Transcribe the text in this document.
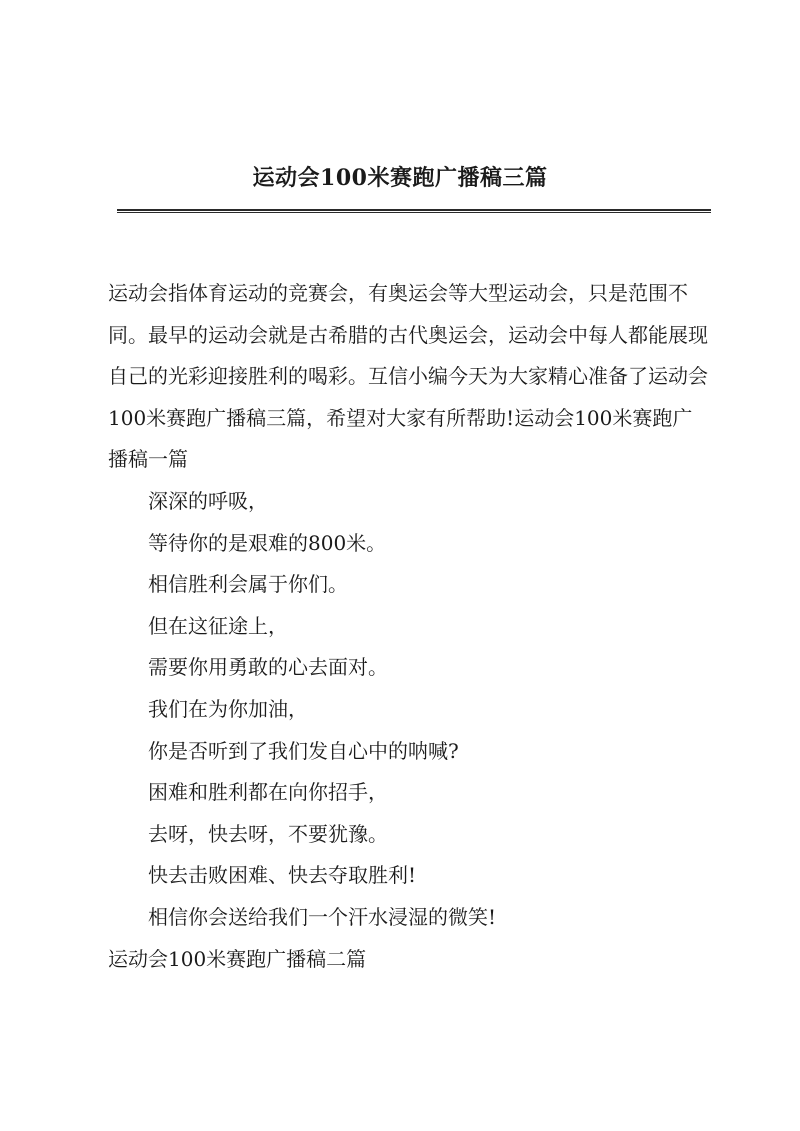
运动会100米赛跑广播稿三篇

运动会指体育运动的竞赛会，有奥运会等大型运动会，只是范围不同。最早的运动会就是古希腊的古代奥运会，运动会中每人都能展现自己的光彩迎接胜利的喝彩。互信小编今天为大家精心准备了运动会100米赛跑广播稿三篇，希望对大家有所帮助!运动会100米赛跑广播稿一篇

深深的呼吸，
等待你的是艰难的800米。
相信胜利会属于你们。
但在这征途上，
需要你用勇敢的心去面对。
我们在为你加油，
你是否听到了我们发自心中的呐喊?
困难和胜利都在向你招手，
去呀，快去呀，不要犹豫。
快去击败困难、快去夺取胜利!
相信你会送给我们一个汗水浸湿的微笑!
运动会100米赛跑广播稿二篇
